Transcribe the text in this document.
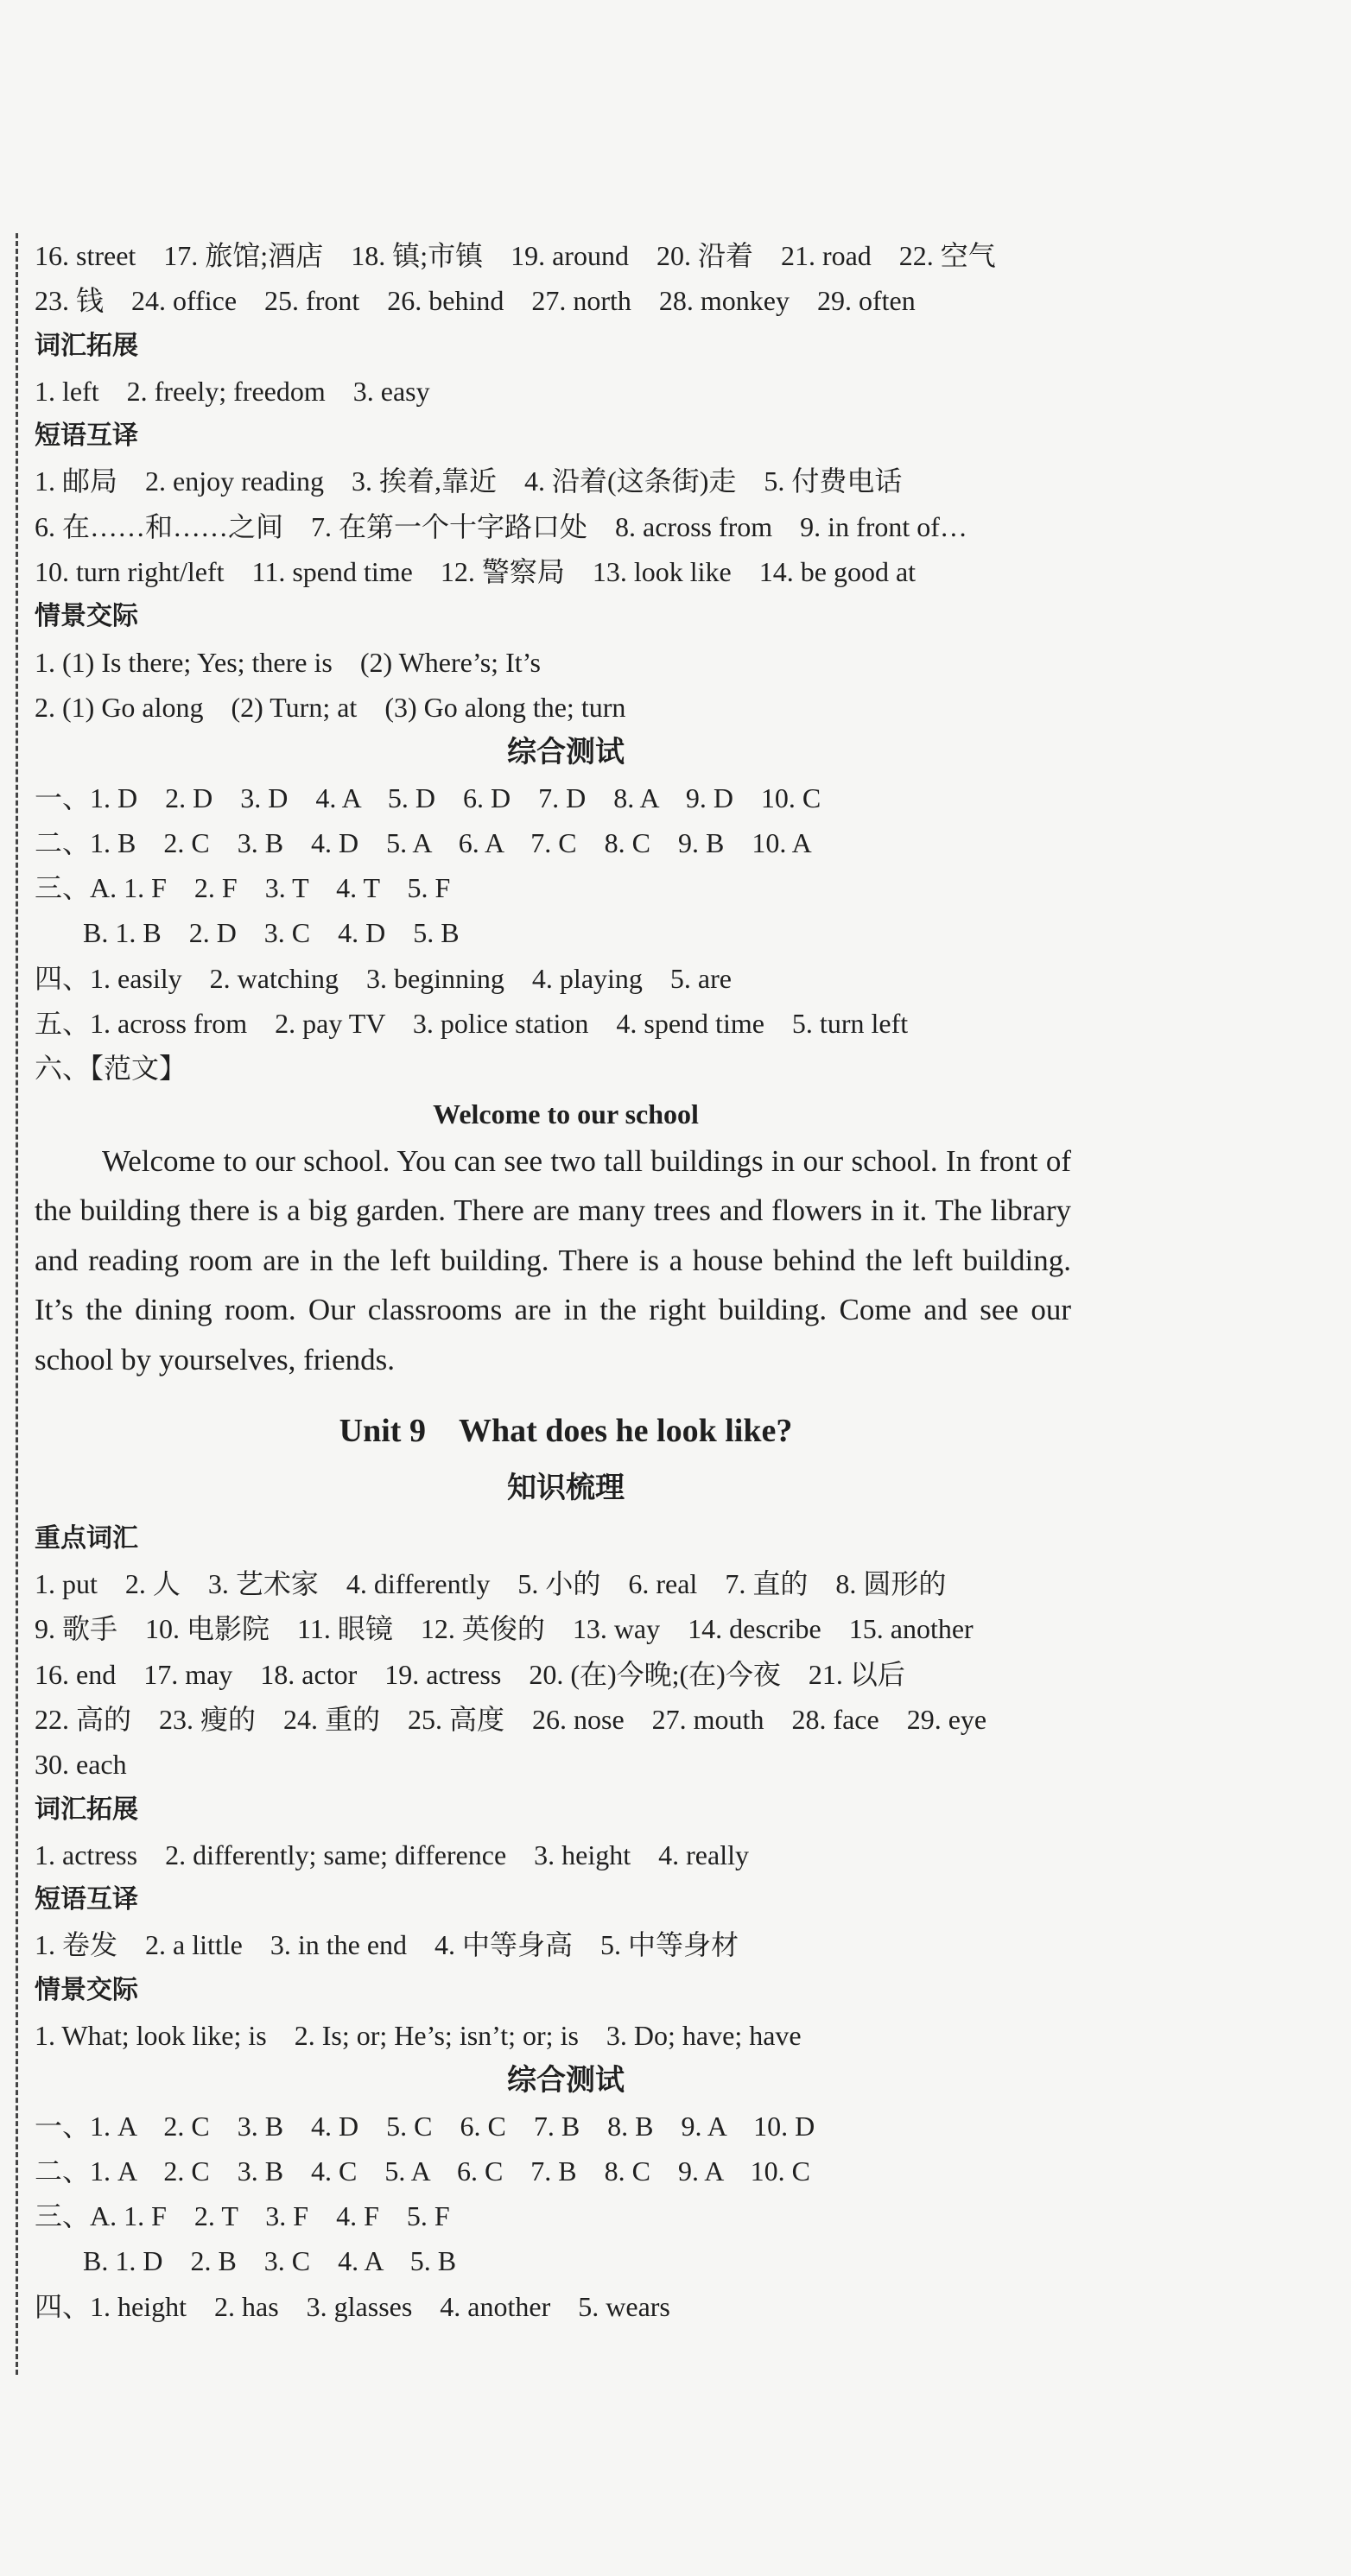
16. street　17. 旅馆;酒店　18. 镇;市镇　19. around　20. 沿着　21. road　22. 空气
23. 钱　24. office　25. front　26. behind　27. north　28. monkey　29. often
词汇拓展
1. left　2. freely; freedom　3. easy
短语互译
1. 邮局　2. enjoy reading　3. 挨着,靠近　4. 沿着(这条街)走　5. 付费电话
6. 在……和……之间　7. 在第一个十字路口处　8. across from　9. in front of…
10. turn right/left　11. spend time　12. 警察局　13. look like　14. be good at
情景交际
1. (1) Is there; Yes; there is　(2) Where’s; It’s
2. (1) Go along　(2) Turn; at　(3) Go along the; turn
综合测试
一、1. D　2. D　3. D　4. A　5. D　6. D　7. D　8. A　9. D　10. C
二、1. B　2. C　3. B　4. D　5. A　6. A　7. C　8. C　9. B　10. A
三、A. 1. F　2. F　3. T　4. T　5. F
B. 1. B　2. D　3. C　4. D　5. B
四、1. easily　2. watching　3. beginning　4. playing　5. are
五、1. across from　2. pay TV　3. police station　4. spend time　5. turn left
六、【范文】
Welcome to our school

Welcome to our school. You can see two tall buildings in our school. In front of the building there is a big garden. There are many trees and flowers in it. The library and reading room are in the left building. There is a house behind the left building. It’s the dining room. Our classrooms are in the right building. Come and see our school by yourselves, friends.

Unit 9　What does he look like?
知识梳理
重点词汇
1. put　2. 人　3. 艺术家　4. differently　5. 小的　6. real　7. 直的　8. 圆形的
9. 歌手　10. 电影院　11. 眼镜　12. 英俊的　13. way　14. describe　15. another
16. end　17. may　18. actor　19. actress　20. (在)今晚;(在)今夜　21. 以后
22. 高的　23. 瘦的　24. 重的　25. 高度　26. nose　27. mouth　28. face　29. eye
30. each
词汇拓展
1. actress　2. differently; same; difference　3. height　4. really
短语互译
1. 卷发　2. a little　3. in the end　4. 中等身高　5. 中等身材
情景交际
1. What; look like; is　2. Is; or; He’s; isn’t; or; is　3. Do; have; have
综合测试
一、1. A　2. C　3. B　4. D　5. C　6. C　7. B　8. B　9. A　10. D
二、1. A　2. C　3. B　4. C　5. A　6. C　7. B　8. C　9. A　10. C
三、A. 1. F　2. T　3. F　4. F　5. F
B. 1. D　2. B　3. C　4. A　5. B
四、1. height　2. has　3. glasses　4. another　5. wears
